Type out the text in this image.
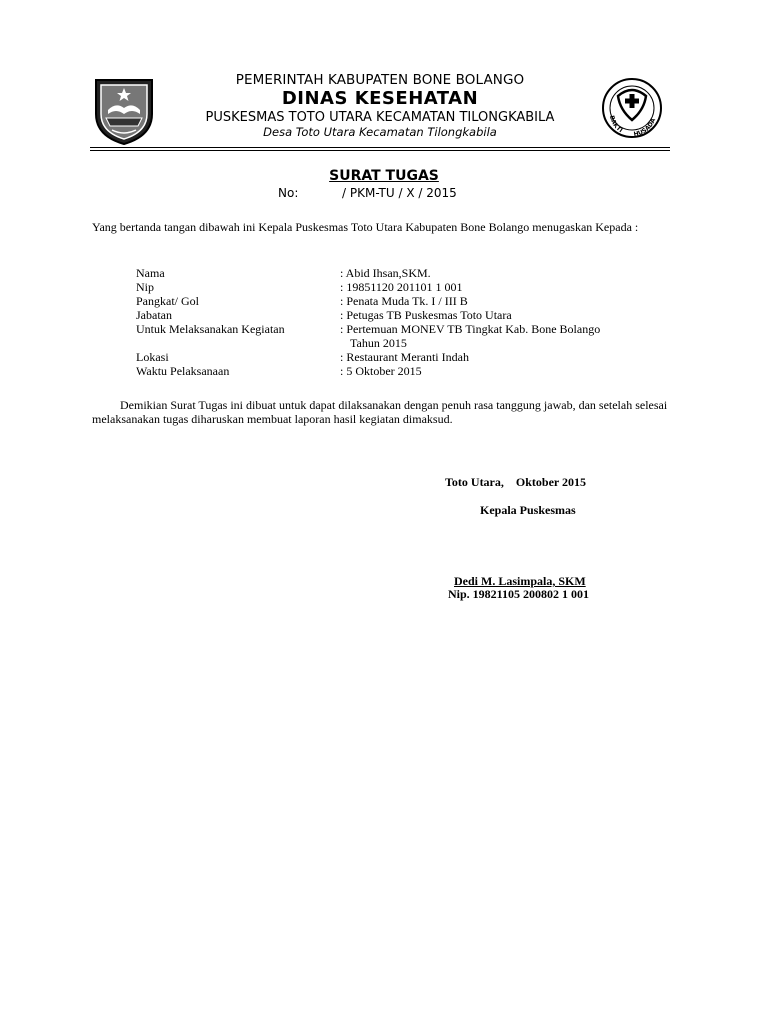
PEMERINTAH KABUPATEN BONE BOLANGO
DINAS KESEHATAN
PUSKESMAS TOTO UTARA KECAMATAN TILONGKABILA
Desa Toto Utara Kecamatan Tilongkabila
BAKTI HUSADA
SURAT TUGAS
No:	/ PKM-TU / X / 2015
Yang bertanda tangan dibawah ini Kepala Puskesmas Toto Utara Kabupaten Bone Bolango menugaskan Kepada :
Nama	: Abid Ihsan,SKM.
Nip	: 19851120 201101 1 001
Pangkat/ Gol	: Penata Muda Tk. I / III B
Jabatan	: Petugas TB Puskesmas Toto Utara
Untuk Melaksanakan Kegiatan	: Pertemuan MONEV TB Tingkat Kab. Bone Bolango
Tahun 2015
Lokasi	: Restaurant Meranti Indah
Waktu Pelaksanaan	: 5 Oktober 2015
Demikian Surat Tugas ini dibuat untuk dapat dilaksanakan dengan penuh rasa tanggung jawab, dan setelah selesai melaksanakan tugas diharuskan membuat laporan hasil kegiatan dimaksud.
Toto Utara,    Oktober 2015
Kepala Puskesmas
Dedi M. Lasimpala, SKM
Nip. 19821105 200802 1 001
